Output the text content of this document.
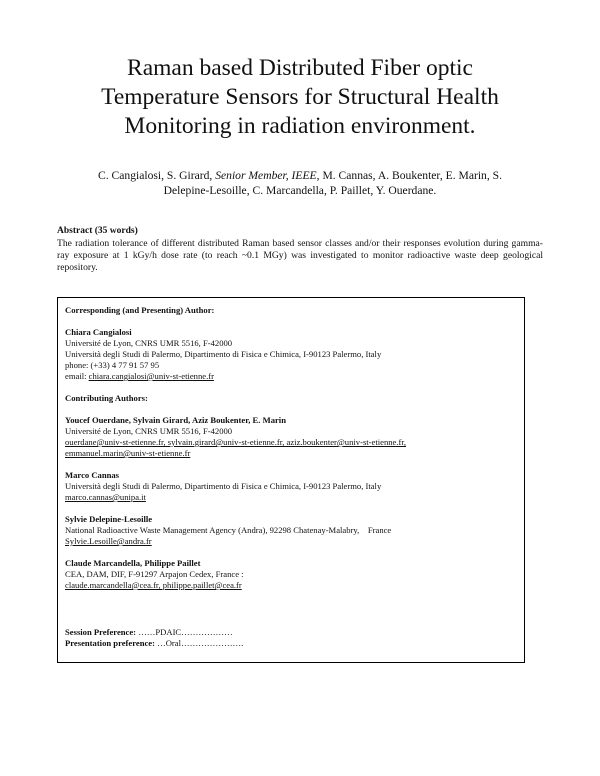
Raman based Distributed Fiber optic
Temperature Sensors for Structural Health
Monitoring in radiation environment.
C. Cangialosi, S. Girard, Senior Member, IEEE, M. Cannas, A. Boukenter, E. Marin, S.
Delepine-Lesoille, C. Marcandella, P. Paillet, Y. Ouerdane.
Abstract (35 words)
The radiation tolerance of different distributed Raman based sensor classes and/or their responses evolution during gamma-ray exposure at 1 kGy/h dose rate (to reach ~0.1 MGy) was investigated to monitor radioactive waste deep geological repository.
Corresponding (and Presenting) Author:
Chiara Cangialosi
Université de Lyon, CNRS UMR 5516, F-42000
Università degli Studi di Palermo, Dipartimento di Fisica e Chimica, I-90123 Palermo, Italy
phone: (+33) 4 77 91 57 95
email: chiara.cangialosi@univ-st-etienne.fr
Contributing Authors:
Youcef Ouerdane, Sylvain Girard, Aziz Boukenter, E. Marin
Université de Lyon, CNRS UMR 5516, F-42000
ouerdane@univ-st-etienne.fr, sylvain.girard@univ-st-etienne.fr, aziz.boukenter@univ-st-etienne.fr,
emmanuel.marin@univ-st-etienne.fr
Marco Cannas
Università degli Studi di Palermo, Dipartimento di Fisica e Chimica, I-90123 Palermo, Italy
marco.cannas@unipa.it
Sylvie Delepine-Lesoille
National Radioactive Waste Management Agency (Andra), 92298 Chatenay-Malabry,    France
Sylvie.Lesoille@andra.fr
Claude Marcandella, Philippe Paillet
CEA, DAM, DIF, F-91297 Arpajon Cedex, France :
claude.marcandella@cea.fr, philippe.paillet@cea.fr
Session Preference: ……PDAIC………………
Presentation preference: …Oral………………….
